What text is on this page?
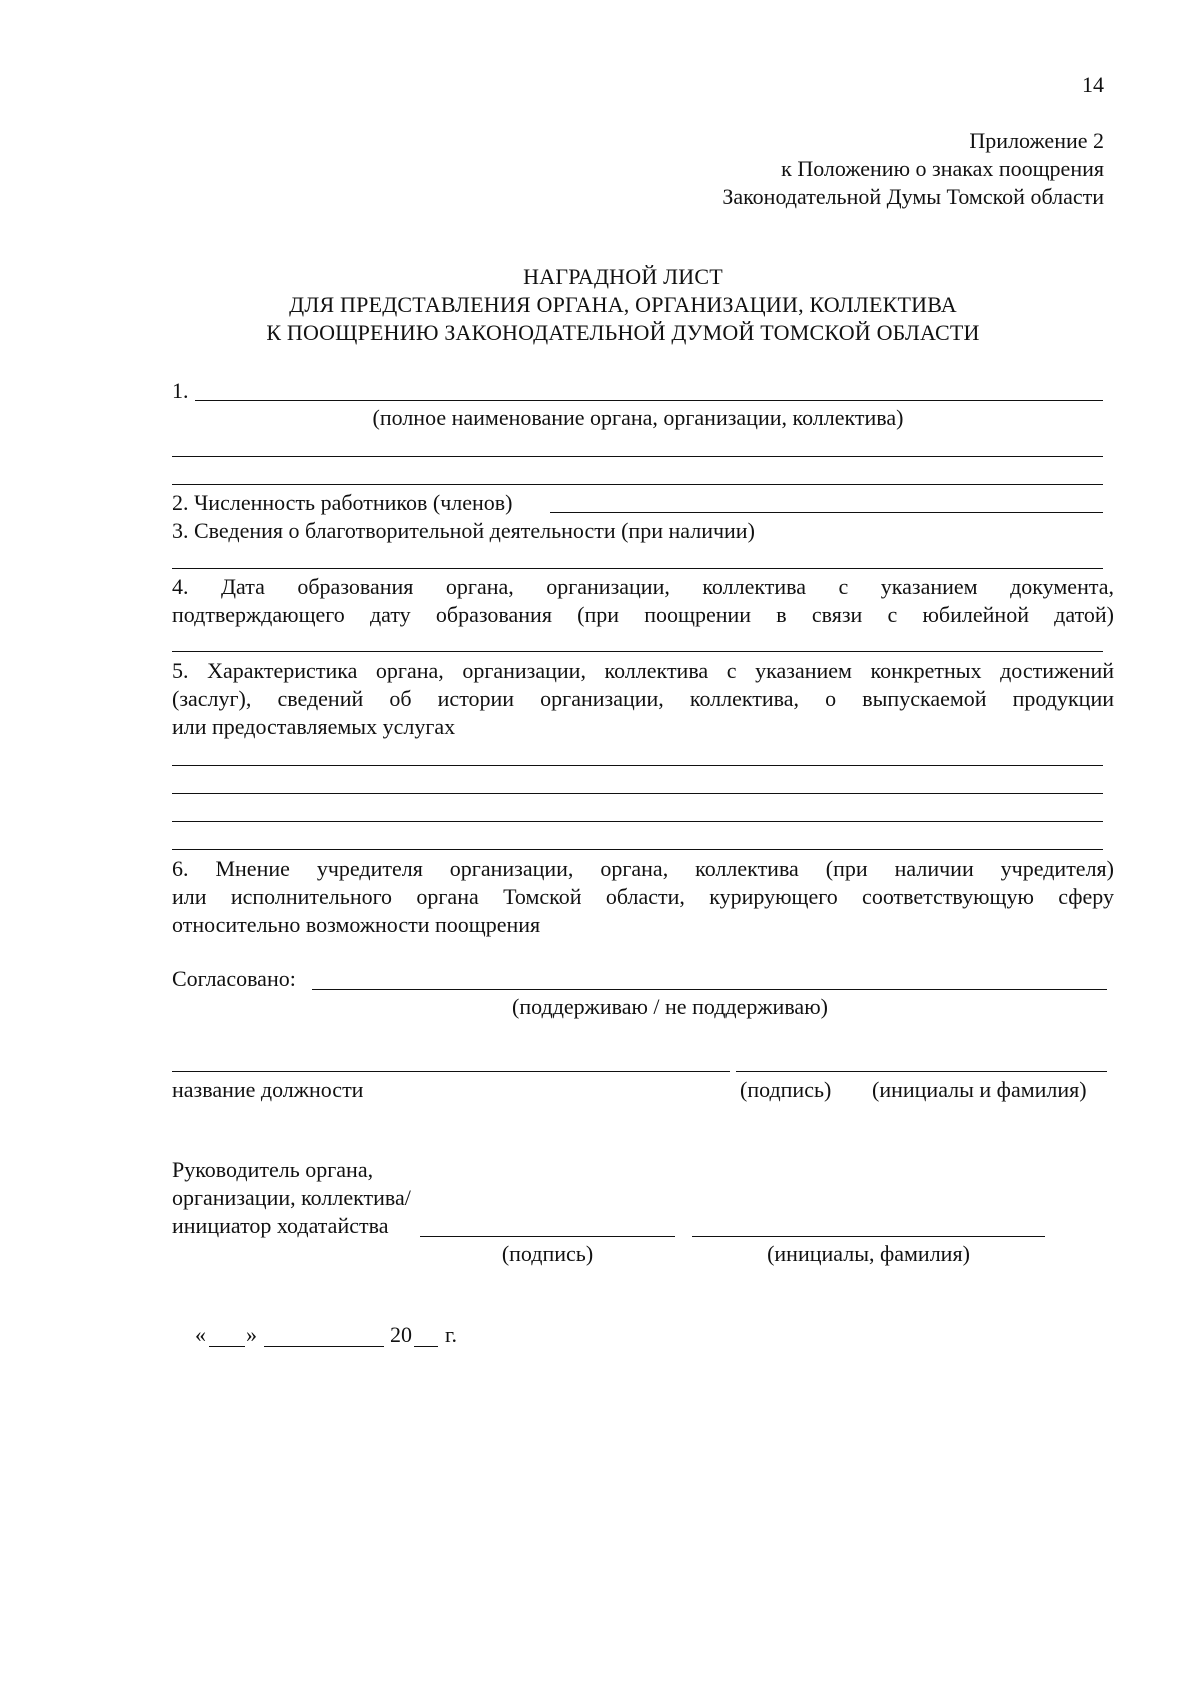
14
Приложение 2
к Положению о знаках поощрения
Законодательной Думы Томской области
НАГРАДНОЙ ЛИСТ
ДЛЯ ПРЕДСТАВЛЕНИЯ ОРГАНА, ОРГАНИЗАЦИИ, КОЛЛЕКТИВА
К ПООЩРЕНИЮ ЗАКОНОДАТЕЛЬНОЙ ДУМОЙ ТОМСКОЙ ОБЛАСТИ
1.
(полное наименование органа, организации, коллектива)
2. Численность работников (членов)
3. Сведения о благотворительной деятельности (при наличии)
4. Дата образования органа, организации, коллектива с указанием документа,
подтверждающего дату образования (при поощрении в связи с юбилейной датой)
5. Характеристика органа, организации, коллектива с указанием конкретных достижений
(заслуг), сведений об истории организации, коллектива, о выпускаемой продукции
или предоставляемых услугах
6. Мнение учредителя организации, органа, коллектива (при наличии учредителя)
или исполнительного органа Томской области, курирующего соответствующую сферу
относительно возможности поощрения
Согласовано:
(поддерживаю / не поддерживаю)
название должности	(подпись) (инициалы и фамилия)
Руководитель органа,
организации, коллектива/
инициатор ходатайства
(подпись)	(инициалы, фамилия)
« »	20 г.
